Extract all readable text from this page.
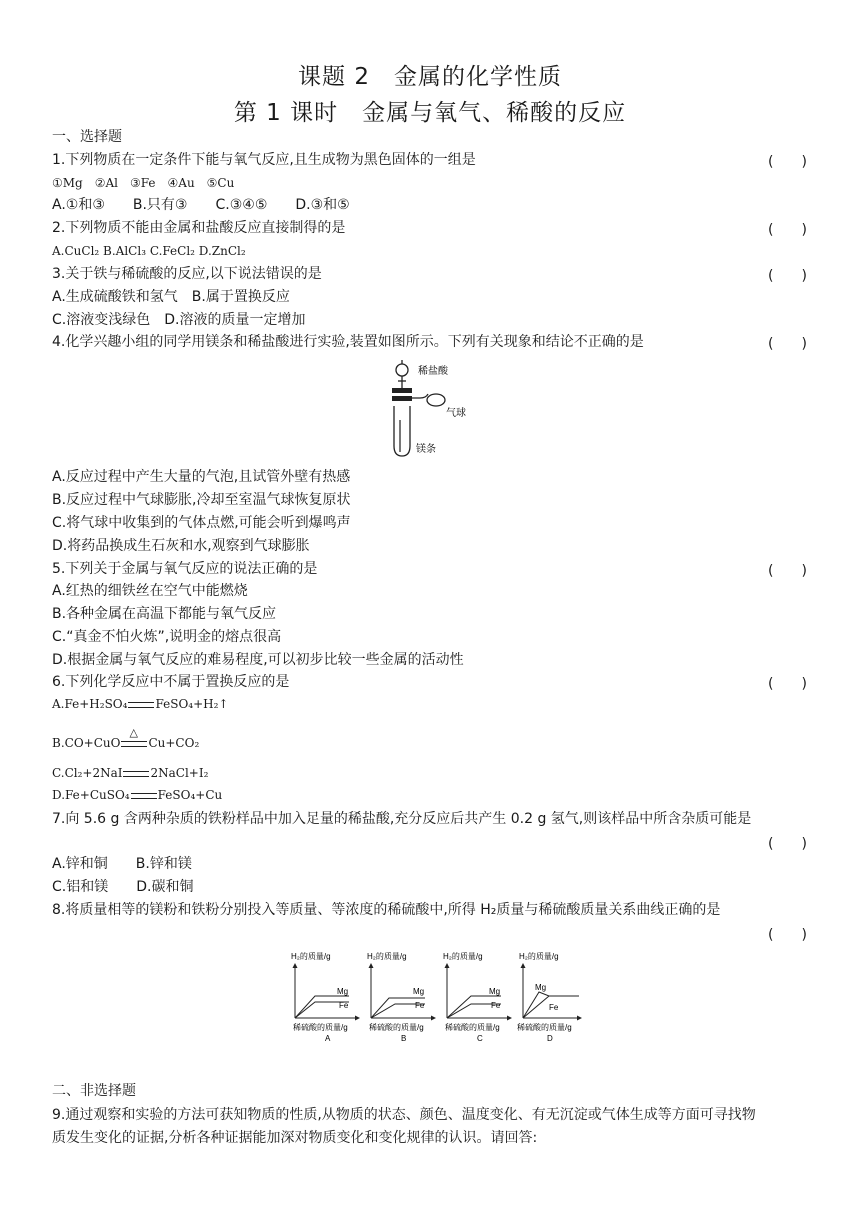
课题 2　金属的化学性质
第 1 课时　金属与氧气、稀酸的反应
一、选择题
1.下列物质在一定条件下能与氧气反应,且生成物为黑色固体的一组是	(　　)
①Mg　②Al　③Fe　④Au　⑤Cu
A.①和③　　B.只有③　　C.③④⑤　　D.③和⑤
2.下列物质不能由金属和盐酸反应直接制得的是	(　　)
A.CuCl₂ B.AlCl₃ C.FeCl₂ D.ZnCl₂
3.关于铁与稀硫酸的反应,以下说法错误的是	(　　)
A.生成硫酸铁和氢气　B.属于置换反应
C.溶液变浅绿色　D.溶液的质量一定增加
4.化学兴趣小组的同学用镁条和稀盐酸进行实验,装置如图所示。下列有关现象和结论不正确的是	(　　)
稀盐酸
气球
镁条
A.反应过程中产生大量的气泡,且试管外壁有热感
B.反应过程中气球膨胀,冷却至室温气球恢复原状
C.将气球中收集到的气体点燃,可能会听到爆鸣声
D.将药品换成生石灰和水,观察到气球膨胀
5.下列关于金属与氧气反应的说法正确的是	(　　)
A.红热的细铁丝在空气中能燃烧
B.各种金属在高温下都能与氧气反应
C.“真金不怕火炼”,说明金的熔点很高
D.根据金属与氧气反应的难易程度,可以初步比较一些金属的活动性
6.下列化学反应中不属于置换反应的是	(　　)
A.Fe+H₂SO₄ FeSO₄+H₂↑
B.CO+CuO
△
Cu+CO₂
C.Cl₂+2NaI 2NaCl+I₂
D.Fe+CuSO₄ FeSO₄+Cu
7.向 5.6 g 含两种杂质的铁粉样品中加入足量的稀盐酸,充分反应后共产生 0.2 g 氢气,则该样品中所含杂质可能是
(　　)
A.锌和铜　　B.锌和镁
C.铝和镁　　D.碳和铜
8.将质量相等的镁粉和铁粉分别投入等质量、等浓度的稀硫酸中,所得 H₂质量与稀硫酸质量关系曲线正确的是
(　　)
H₂的质量/g
Mg
Fe
稀硫酸的质量/g
A
H₂的质量/g
Mg
Fe
稀硫酸的质量/g
B
H₂的质量/g
Mg
Fe
稀硫酸的质量/g
C
H₂的质量/g
Mg
Fe
稀硫酸的质量/g
D
二、非选择题
9.通过观察和实验的方法可获知物质的性质,从物质的状态、颜色、温度变化、有无沉淀或气体生成等方面可寻找物
质发生变化的证据,分析各种证据能加深对物质变化和变化规律的认识。请回答:
